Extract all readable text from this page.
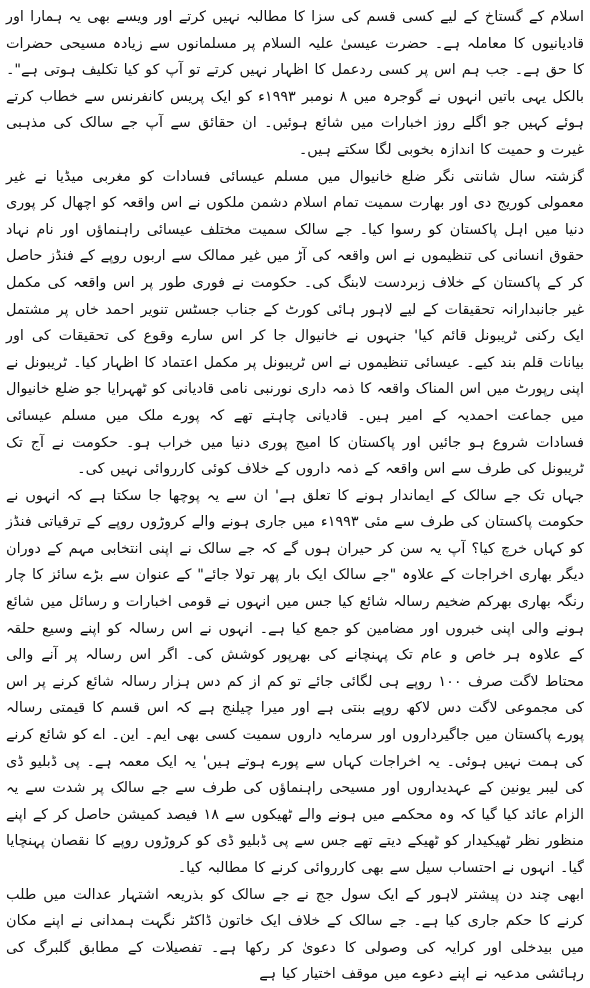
اسلام کے گستاخ کے لیے کسی قسم کی سزا کا مطالبہ نہیں کرتے اور ویسے بھی یہ ہمارا اور قادیانیوں کا معاملہ ہے۔ حضرت عیسیٰ علیہ السلام پر مسلمانوں سے زیادہ مسیحی حضرات کا حق ہے۔ جب ہم اس پر کسی ردعمل کا اظہار نہیں کرتے تو آپ کو کیا تکلیف ہوتی ہے"۔ بالکل یہی باتیں انہوں نے گوجرہ میں ۸ نومبر ۱۹۹۳ء کو ایک پریس کانفرنس سے خطاب کرتے ہوئے کہیں جو اگلے روز اخبارات میں شائع ہوئیں۔ ان حقائق سے آپ جے سالک کی مذہبی غیرت و حمیت کا اندازہ بخوبی لگا سکتے ہیں۔

گزشتہ سال شانتی نگر ضلع خانیوال میں مسلم عیسائی فسادات کو مغربی میڈیا نے غیر معمولی کوریج دی اور بھارت سمیت تمام اسلام دشمن ملکوں نے اس واقعہ کو اچھال کر پوری دنیا میں اہل پاکستان کو رسوا کیا۔ جے سالک سمیت مختلف عیسائی راہنماؤں اور نام نہاد حقوق انسانی کی تنظیموں نے اس واقعہ کی آڑ میں غیر ممالک سے اربوں روپے کے فنڈز حاصل کر کے پاکستان کے خلاف زبردست لابنگ کی۔ حکومت نے فوری طور پر اس واقعہ کی مکمل غیر جانبدارانہ تحقیقات کے لیے لاہور ہائی کورٹ کے جناب جسٹس تنویر احمد خاں پر مشتمل ایک رکنی ٹریبونل قائم کیا' جنہوں نے خانیوال جا کر اس سارے وقوع کی تحقیقات کی اور بیانات قلم بند کیے۔ عیسائی تنظیموں نے اس ٹریبونل پر مکمل اعتماد کا اظہار کیا۔ ٹریبونل نے اپنی رپورٹ میں اس المناک واقعہ کا ذمہ داری نورنبی نامی قادیانی کو ٹھہرایا جو ضلع خانیوال میں جماعت احمدیہ کے امیر ہیں۔ قادیانی چاہتے تھے کہ پورے ملک میں مسلم عیسائی فسادات شروع ہو جائیں اور پاکستان کا امیج پوری دنیا میں خراب ہو۔ حکومت نے آج تک ٹریبونل کی طرف سے اس واقعہ کے ذمہ داروں کے خلاف کوئی کارروائی نہیں کی۔

جہاں تک جے سالک کے ایماندار ہونے کا تعلق ہے' ان سے یہ پوچھا جا سکتا ہے کہ انہوں نے حکومت پاکستان کی طرف سے مئی ۱۹۹۳ء میں جاری ہونے والے کروڑوں روپے کے ترقیاتی فنڈز کو کہاں خرچ کیا؟ آپ یہ سن کر حیران ہوں گے کہ جے سالک نے اپنی انتخابی مہم کے دوران دیگر بھاری اخراجات کے علاوہ "جے سالک ایک بار پھر تولا جائے" کے عنوان سے بڑے سائز کا چار رنگہ بھاری بھرکم ضخیم رسالہ شائع کیا جس میں انہوں نے قومی اخبارات و رسائل میں شائع ہونے والی اپنی خبروں اور مضامین کو جمع کیا ہے۔ انہوں نے اس رسالہ کو اپنے وسیع حلقہ کے علاوہ ہر خاص و عام تک پہنچانے کی بھرپور کوشش کی۔ اگر اس رسالہ پر آنے والی محتاط لاگت صرف ۱۰۰ روپے ہی لگائی جائے تو کم از کم دس ہزار رسالہ شائع کرنے پر اس کی مجموعی لاگت دس لاکھ روپے بنتی ہے اور میرا چیلنج ہے کہ اس قسم کا قیمتی رسالہ پورے پاکستان میں جاگیرداروں اور سرمایہ داروں سمیت کسی بھی ایم۔ این۔ اے کو شائع کرنے کی ہمت نہیں ہوئی۔ یہ اخراجات کہاں سے پورے ہوتے ہیں' یہ ایک معمہ ہے۔ پی ڈبلیو ڈی کی لیبر یونین کے عہدیداروں اور مسیحی راہنماؤں کی طرف سے جے سالک پر شدت سے یہ الزام عائد کیا گیا کہ وہ محکمے میں ہونے والے ٹھیکوں سے ۱۸ فیصد کمیشن حاصل کر کے اپنے منظور نظر ٹھیکیدار کو ٹھیکے دیتے تھے جس سے پی ڈبلیو ڈی کو کروڑوں روپے کا نقصان پہنچایا گیا۔ انہوں نے احتساب سیل سے بھی کارروائی کرنے کا مطالبہ کیا۔

ابھی چند دن پیشتر لاہور کے ایک سول جج نے جے سالک کو بذریعہ اشتہار عدالت میں طلب کرنے کا حکم جاری کیا ہے۔ جے سالک کے خلاف ایک خاتون ڈاکٹر نگہت ہمدانی نے اپنے مکان میں بیدخلی اور کرایہ کی وصولی کا دعویٰ کر رکھا ہے۔ تفصیلات کے مطابق گلبرگ کی رہائشی مدعیہ نے اپنے دعوے میں موقف اختیار کیا ہے
